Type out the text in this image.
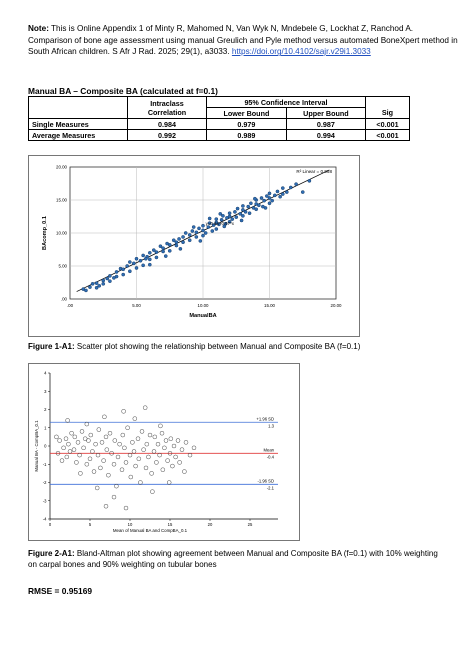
Note: This is Online Appendix 1 of Minty R, Mahomed N, Van Wyk N, Mndebele G, Lockhat Z, Ranchod A. Comparison of bone age assessment using manual Greulich and Pyle method versus automated BoneXpert method in South African children. S Afr J Rad. 2025; 29(1), a3033. https://doi.org/10.4102/sajr.v29i1.3033
Manual BA – Composite BA (calculated at f=0.1)
	Intraclass Correlation	95% Confidence Interval		
		Lower Bound	Upper Bound	Sig
Single Measures	0.984	0.979	0.987	<0.001
Average Measures	0.992	0.989	0.994	<0.001
.00
.00
5.00
5.00
10.00
10.00
15.00
15.00
20.00
20.00
R² Linear = 0.968
y=0.64+0.97*x
ManualBA
BAcomp_0.1
Figure 1-A1: Scatter plot showing the relationship between Manual and Composite BA (f=0.1)
+1.96 SD
1.3
Mean
-0.4
-1.96 SD
-2.1
-4
-3
-2
-1
0
1
2
3
4
0	5	10	15	20	25
Mean of Manual BA and CompBA_0.1
Manual BA - CompBA_0.1
Figure 2-A1: Bland-Altman plot showing agreement between Manual and Composite BA (f=0.1) with 10% weighting on carpal bones and 90% weighting on tubular bones
RMSE = 0.95169
